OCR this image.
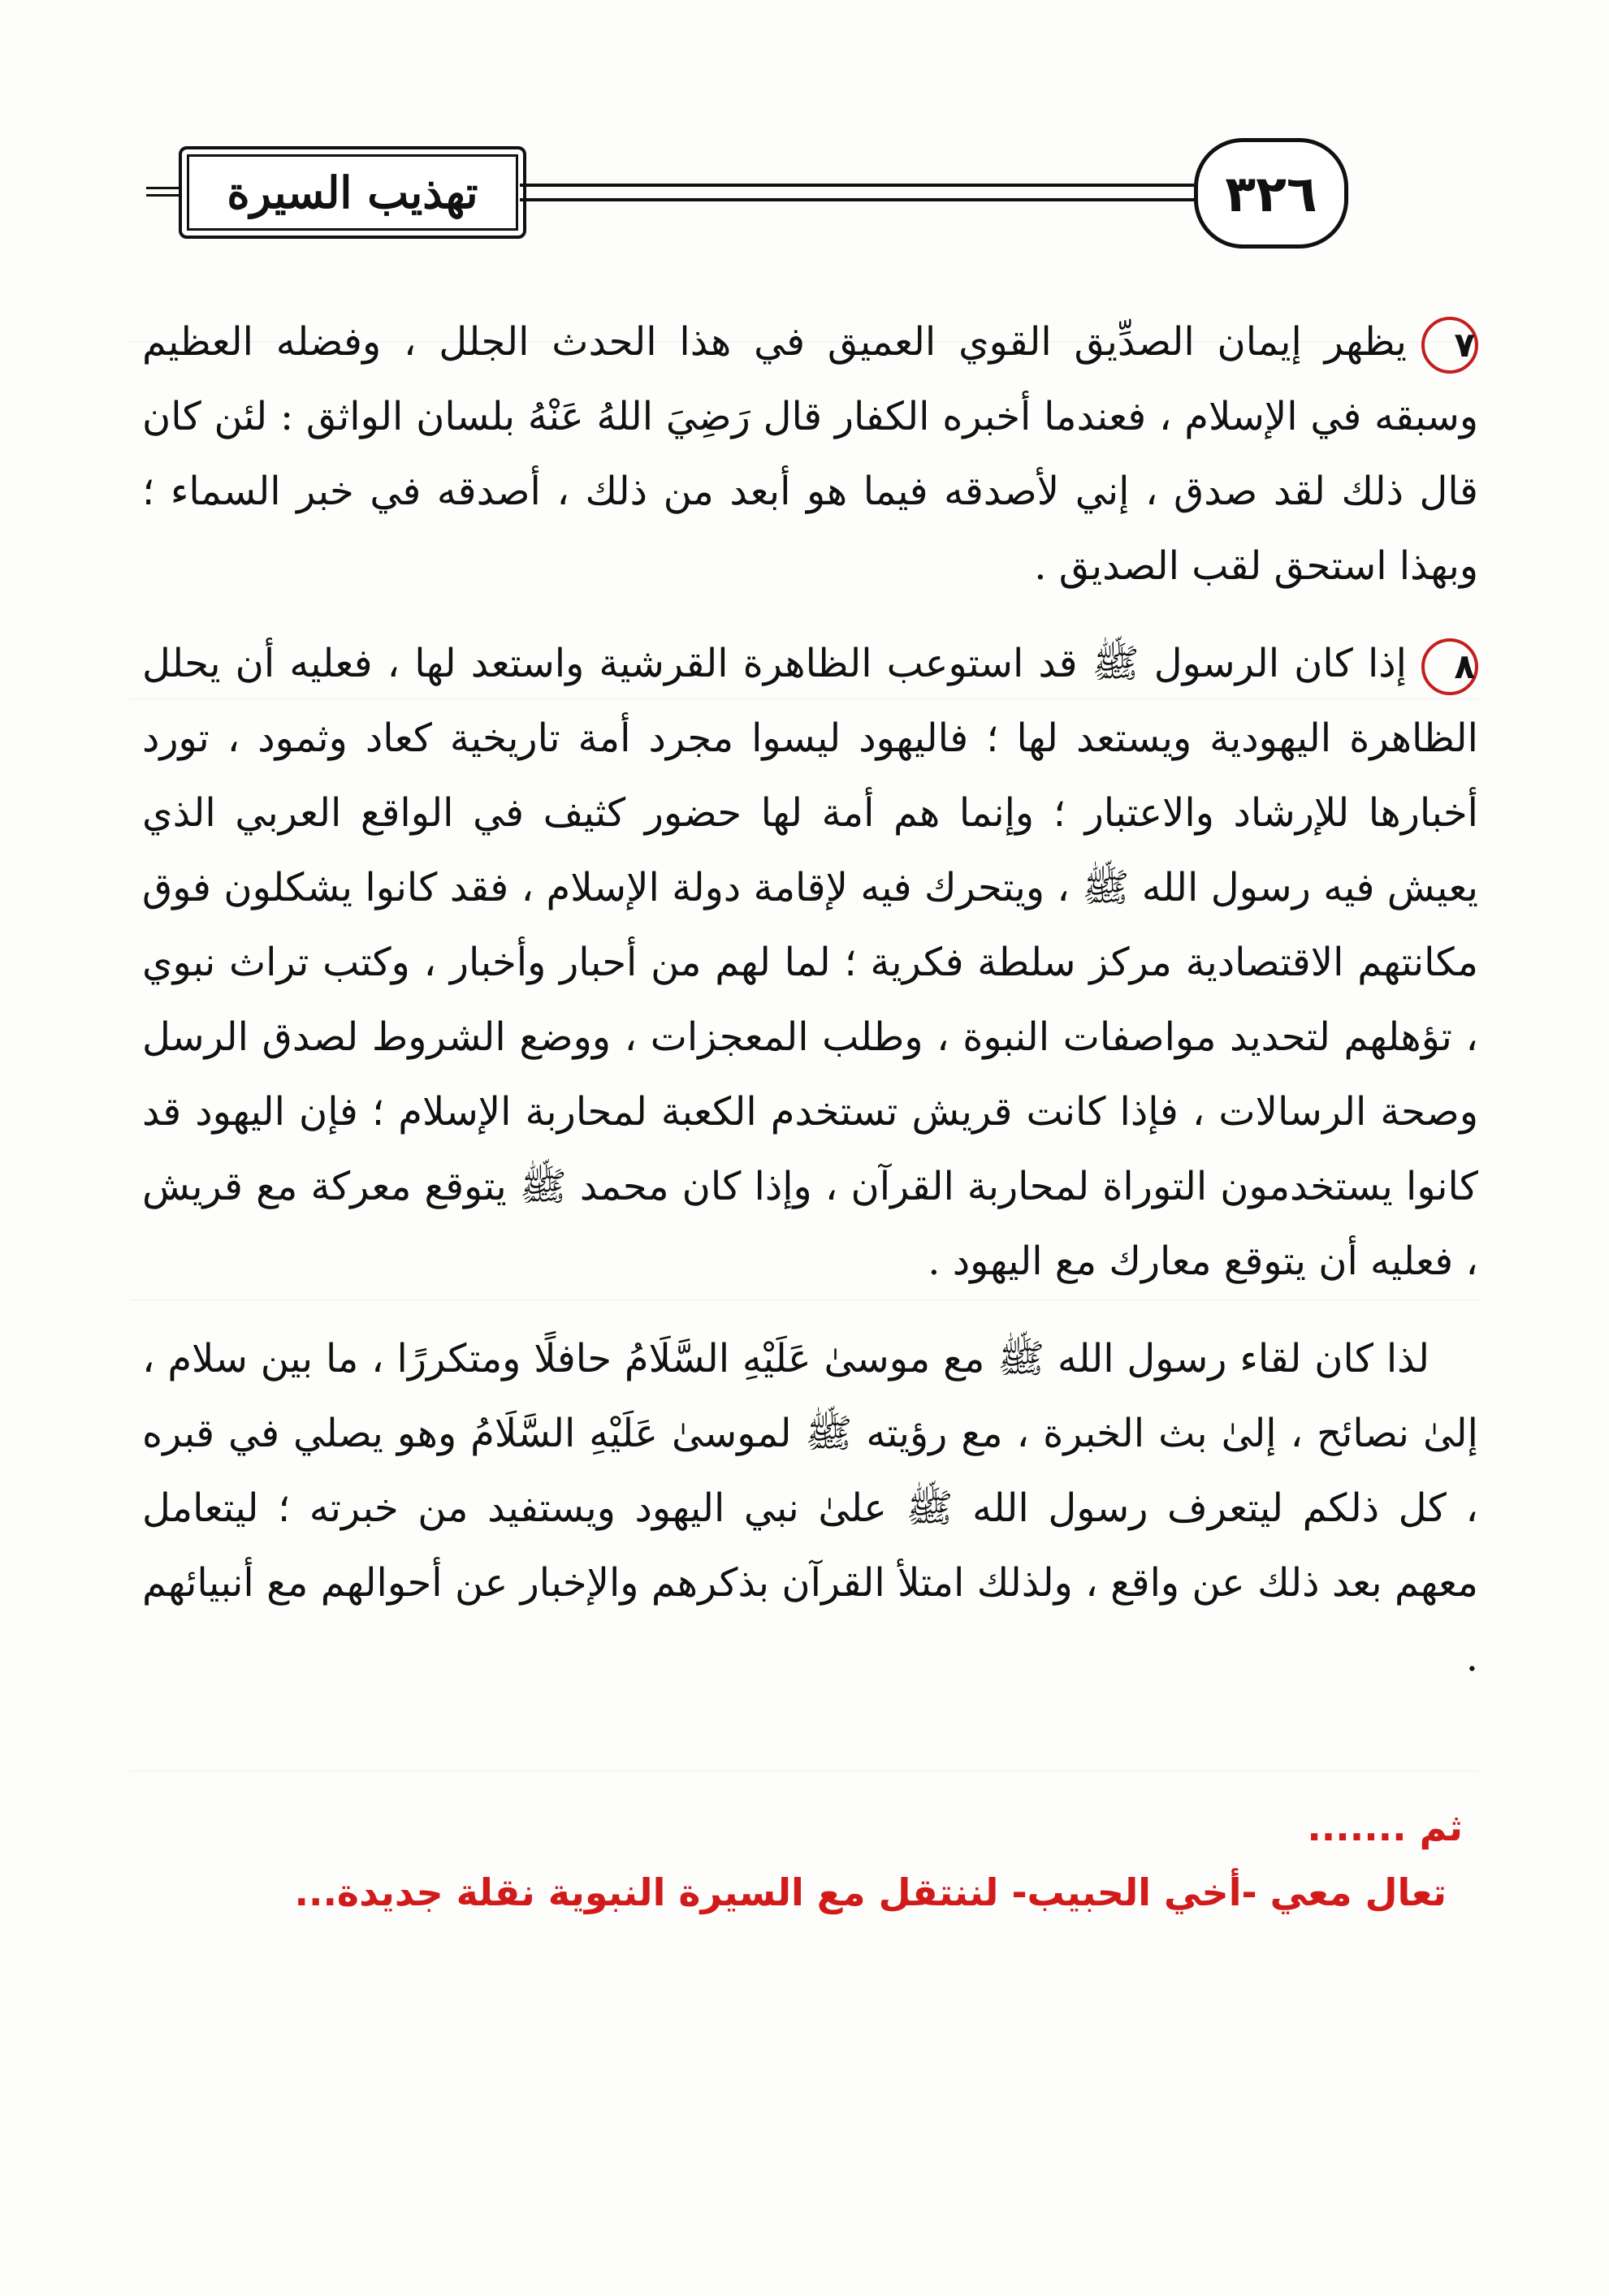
تهذيب السيرة	٣٢٦

٧يظهر إيمان الصدِّيق القوي العميق في هذا الحدث الجلل ، وفضله العظيم وسبقه في الإسلام ، فعندما أخبره الكفار قال رَضِيَ اللهُ عَنْهُ بلسان الواثق : لئن كان قال ذلك لقد صدق ، إني لأصدقه فيما هو أبعد من ذلك ، أصدقه في خبر السماء ؛ وبهذا استحق لقب الصديق .

٨إذا كان الرسول ﷺ قد استوعب الظاهرة القرشية واستعد لها ، فعليه أن يحلل الظاهرة اليهودية ويستعد لها ؛ فاليهود ليسوا مجرد أمة تاريخية كعاد وثمود ، تورد أخبارها للإرشاد والاعتبار ؛ وإنما هم أمة لها حضور كثيف في الواقع العربي الذي يعيش فيه رسول الله ﷺ ، ويتحرك فيه لإقامة دولة الإسلام ، فقد كانوا يشكلون فوق مكانتهم الاقتصادية مركز سلطة فكرية ؛ لما لهم من أحبار وأخبار ، وكتب تراث نبوي ، تؤهلهم لتحديد مواصفات النبوة ، وطلب المعجزات ، ووضع الشروط لصدق الرسل وصحة الرسالات ، فإذا كانت قريش تستخدم الكعبة لمحاربة الإسلام ؛ فإن اليهود قد كانوا يستخدمون التوراة لمحاربة القرآن ، وإذا كان محمد ﷺ يتوقع معركة مع قريش ، فعليه أن يتوقع معارك مع اليهود .

لذا كان لقاء رسول الله ﷺ مع موسىٰ عَلَيْهِ السَّلَامُ حافلًا ومتكررًا ، ما بين سلام ، إلىٰ نصائح ، إلىٰ بث الخبرة ، مع رؤيته ﷺ لموسىٰ عَلَيْهِ السَّلَامُ وهو يصلي في قبره ، كل ذلكم ليتعرف رسول الله ﷺ علىٰ نبي اليهود ويستفيد من خبرته ؛ ليتعامل معهم بعد ذلك عن واقع ، ولذلك امتلأ القرآن بذكرهم والإخبار عن أحوالهم مع أنبيائهم .

ثم .......
تعال معي -أخي الحبيب- لننتقل مع السيرة النبوية نقلة جديدة...
